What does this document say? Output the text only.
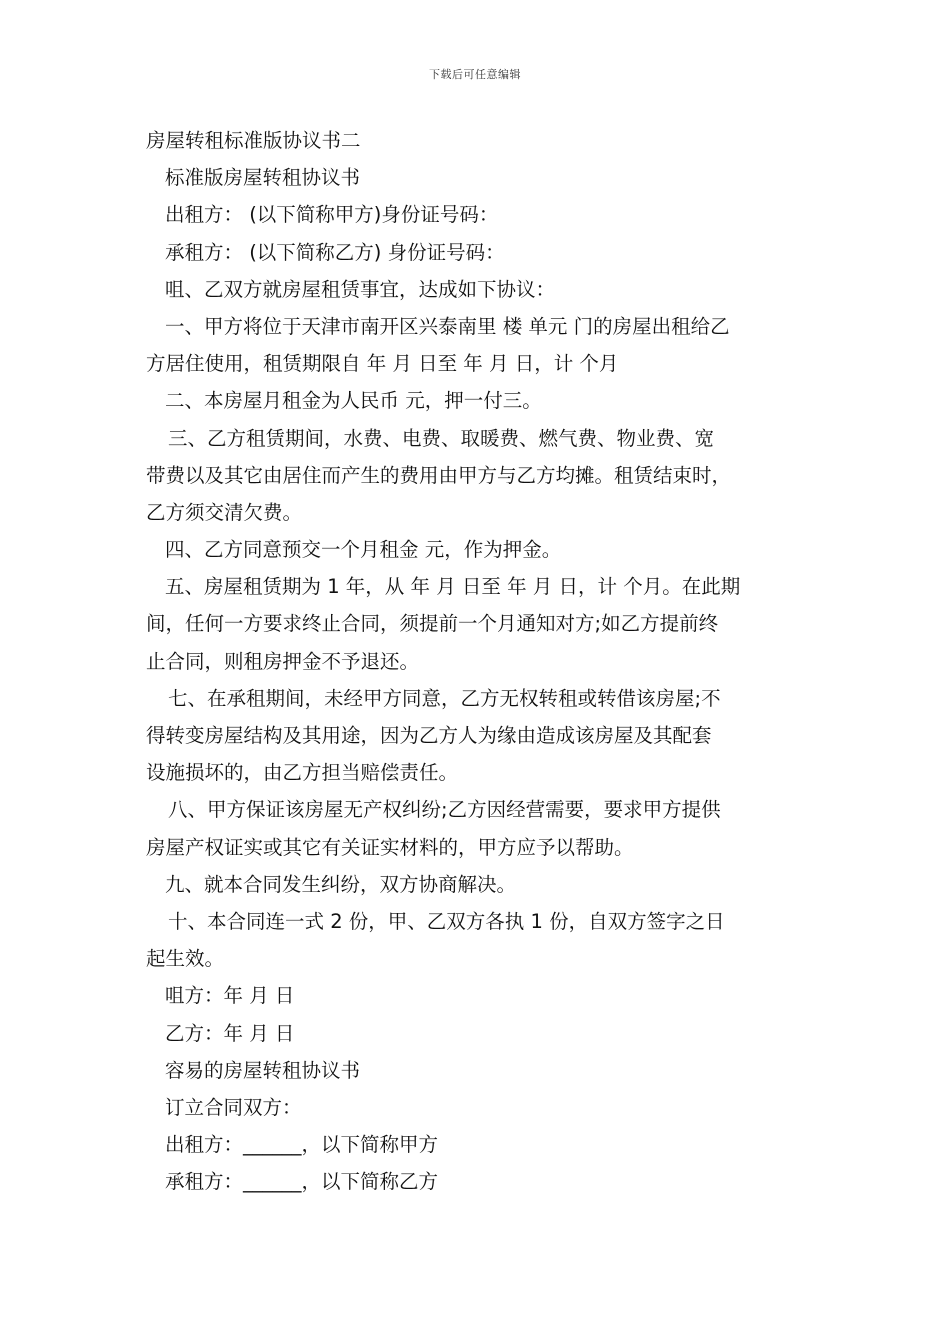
下载后可任意编辑
房屋转租标准版协议书二
标准版房屋转租协议书
出租方： (以下简称甲方)身份证号码：
承租方： (以下简称乙方) 身份证号码：
咀、乙双方就房屋租赁事宜，达成如下协议：
一、甲方将位于天津市南开区兴泰南里 楼 单元 门的房屋出租给乙
方居住使用，租赁期限自 年 月 日至 年 月 日，计 个月
二、本房屋月租金为人民币 元，押一付三。
三、乙方租赁期间，水费、电费、取暖费、燃气费、物业费、宽
带费以及其它由居住而产生的费用由甲方与乙方均摊。租赁结束时，
乙方须交清欠费。
四、乙方同意预交一个月租金 元，作为押金。
五、房屋租赁期为 1 年，从 年 月 日至 年 月 日，计 个月。在此期
间，任何一方要求终止合同，须提前一个月通知对方;如乙方提前终
止合同，则租房押金不予退还。
七、在承租期间，未经甲方同意，乙方无权转租或转借该房屋;不
得转变房屋结构及其用途，因为乙方人为缘由造成该房屋及其配套
设施损坏的，由乙方担当赔偿责任。
八、甲方保证该房屋无产权纠纷;乙方因经营需要，要求甲方提供
房屋产权证实或其它有关证实材料的，甲方应予以帮助。
九、就本合同发生纠纷，双方协商解决。
十、本合同连一式 2 份，甲、乙双方各执 1 份，自双方签字之日
起生效。
咀方：年 月 日
乙方：年 月 日
容易的房屋转租协议书
订立合同双方：
出租方：______，以下简称甲方
承租方：______，以下简称乙方
